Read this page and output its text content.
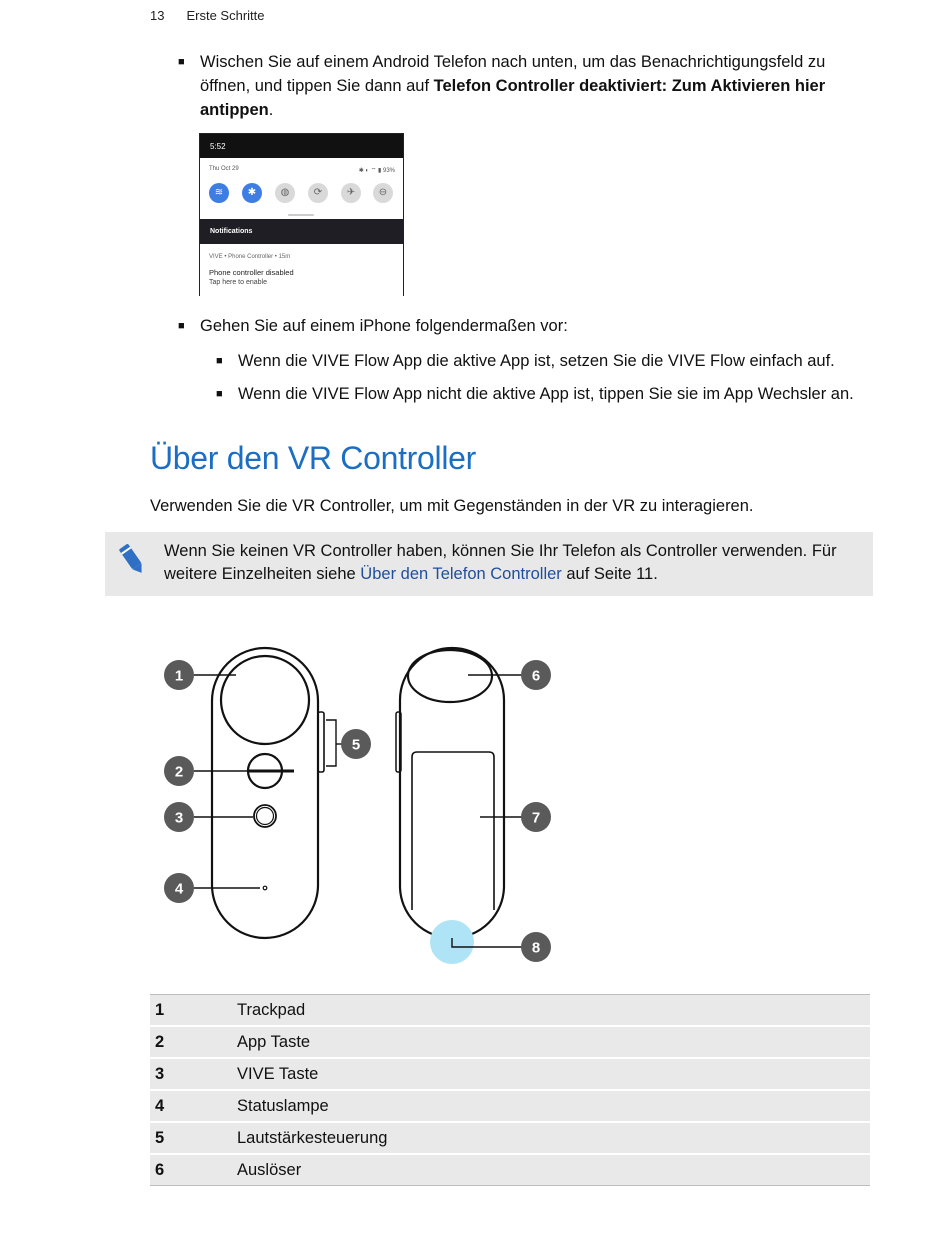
13 Erste Schritte
■ Wischen Sie auf einem Android Telefon nach unten, um das Benachrichtigungsfeld zu
öffnen, und tippen Sie dann auf Telefon Controller deaktiviert: Zum Aktivieren hier
antippen.
5:52
Thu Oct 29	✱ ◐ ⌔ ▮ 93%
≋	✱	◍	⟳	✈	⊖
Notifications
VIVE • Phone Controller • 15m
Phone controller disabled
Tap here to enable
■ Gehen Sie auf einem iPhone folgendermaßen vor:
■ Wenn die VIVE Flow App die aktive App ist, setzen Sie die VIVE Flow einfach auf.
■ Wenn die VIVE Flow App nicht die aktive App ist, tippen Sie sie im App Wechsler an.
Über den VR Controller
Verwenden Sie die VR Controller, um mit Gegenständen in der VR zu interagieren.
Wenn Sie keinen VR Controller haben, können Sie Ihr Telefon als Controller verwenden. Für
weitere Einzelheiten siehe Über den Telefon Controller auf Seite 11.
1
2
3
4
5
6
7
8
1	Trackpad
2	App Taste
3	VIVE Taste
4	Statuslampe
5	Lautstärkesteuerung
6	Auslöser
